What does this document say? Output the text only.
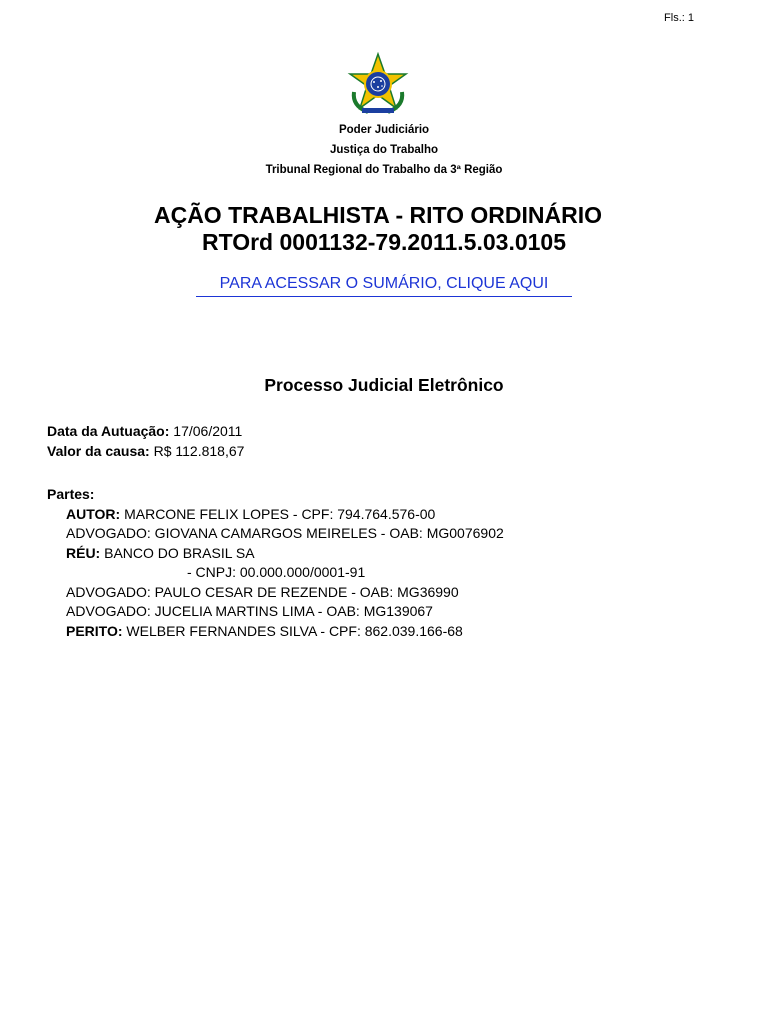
Fls.: 1
Poder Judiciário
Justiça do Trabalho
Tribunal Regional do Trabalho da 3ª Região
AÇÃO TRABALHISTA - RITO ORDINÁRIO
RTOrd 0001132-79.2011.5.03.0105
PARA ACESSAR O SUMÁRIO, CLIQUE AQUI
Processo Judicial Eletrônico
Data da Autuação: 17/06/2011
Valor da causa: R$ 112.818,67
Partes:
AUTOR: MARCONE FELIX LOPES - CPF: 794.764.576-00
ADVOGADO: GIOVANA CAMARGOS MEIRELES - OAB: MG0076902
RÉU: BANCO DO BRASIL SA
- CNPJ: 00.000.000/0001-91
ADVOGADO: PAULO CESAR DE REZENDE - OAB: MG36990
ADVOGADO: JUCELIA MARTINS LIMA - OAB: MG139067
PERITO: WELBER FERNANDES SILVA - CPF: 862.039.166-68
